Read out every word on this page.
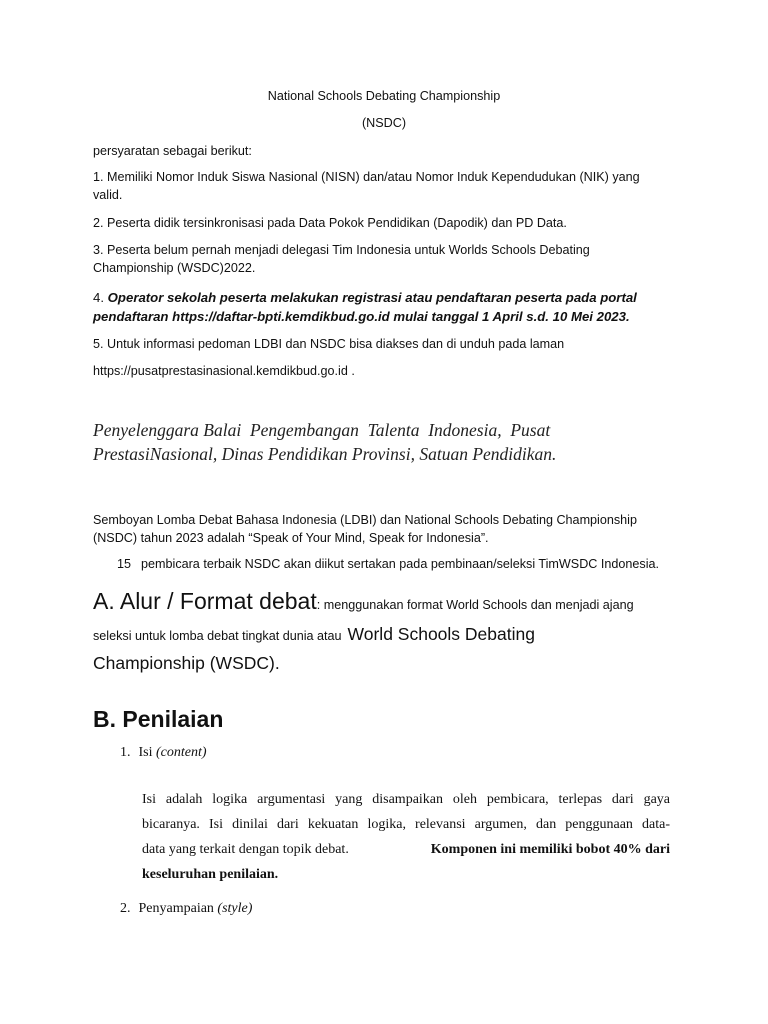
National Schools Debating Championship
(NSDC)
persyaratan sebagai berikut:
1. Memiliki Nomor Induk Siswa Nasional (NISN) dan/atau Nomor Induk Kependudukan (NIK) yang
valid.
2. Peserta didik tersinkronisasi pada Data Pokok Pendidikan (Dapodik) dan PD Data.
3. Peserta belum pernah menjadi delegasi Tim Indonesia untuk Worlds Schools Debating
Championship (WSDC)2022.
4. Operator sekolah peserta melakukan registrasi atau pendaftaran peserta pada portal
pendaftaran https://daftar-bpti.kemdikbud.go.id mulai tanggal 1 April s.d. 10 Mei 2023.
5. Untuk informasi pedoman LDBI dan NSDC bisa diakses dan di unduh pada laman
https://pusatprestasinasional.kemdikbud.go.id .
Penyelenggara Balai  Pengembangan  Talenta  Indonesia,  Pusat
PrestasiNasional, Dinas Pendidikan Provinsi, Satuan Pendidikan.
Semboyan Lomba Debat Bahasa Indonesia (LDBI) dan National Schools Debating Championship
(NSDC) tahun 2023 adalah “Speak of Your Mind, Speak for Indonesia”.
15 pembicara terbaik NSDC akan diikut sertakan pada pembinaan/seleksi TimWSDC Indonesia.
A. Alur / Format debat: menggunakan format World Schools dan menjadi ajang
seleksi untuk lomba debat tingkat dunia atau World Schools Debating
Championship (WSDC).
B. Penilaian
1. Isi (content)
Isi adalah logika argumentasi yang disampaikan oleh pembicara, terlepas dari gaya
bicaranya. Isi dinilai dari kekuatan logika, relevansi argumen, dan penggunaan data-
data yang terkait dengan topik debat.	Komponen ini memiliki bobot 40% dari
keseluruhan penilaian.
2. Penyampaian (style)
